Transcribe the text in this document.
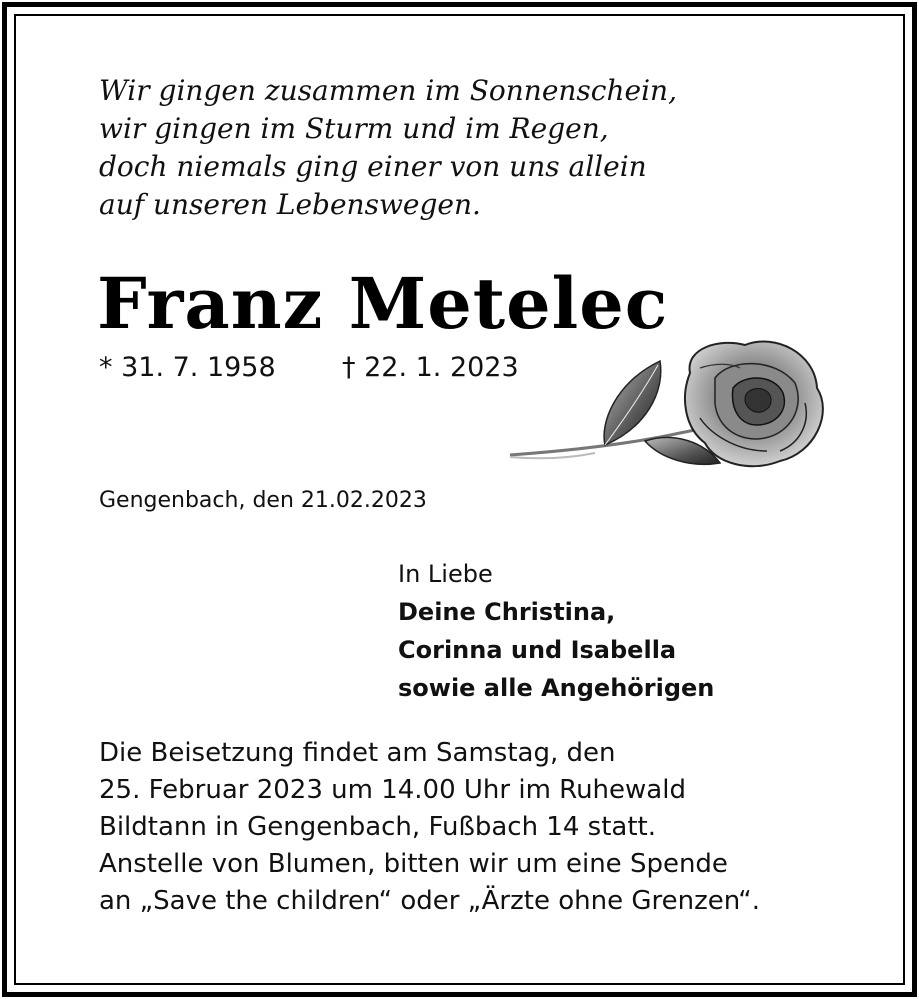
Wir gingen zusammen im Sonnenschein,
wir gingen im Sturm und im Regen,
doch niemals ging einer von uns allein
auf unseren Lebenswegen.
Franz Metelec
* 31. 7. 1958 † 22. 1. 2023
Gengenbach, den 21.02.2023
In Liebe
Deine Christina,
Corinna und Isabella
sowie alle Angehörigen
Die Beisetzung findet am Samstag, den
25. Februar 2023 um 14.00 Uhr im Ruhewald
Bildtann in Gengenbach, Fußbach 14 statt.
Anstelle von Blumen, bitten wir um eine Spende
an „Save the children“ oder „Ärzte ohne Grenzen“.
